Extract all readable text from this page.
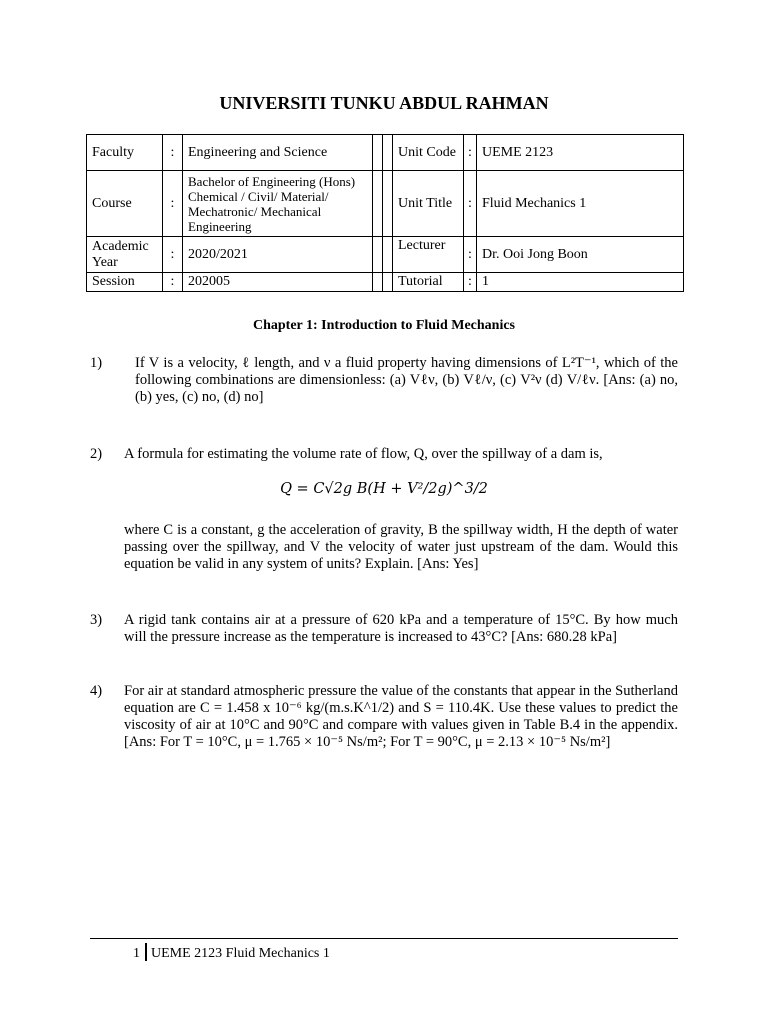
UNIVERSITI TUNKU ABDUL RAHMAN
Faculty	:	Engineering and Science			Unit Code	:	UEME 2123
Course	:	Bachelor of Engineering (Hons) Chemical / Civil/ Material/ Mechatronic/ Mechanical Engineering			Unit Title	:	Fluid Mechanics 1
Academic Year	:	2020/2021			Lecturer	:	Dr. Ooi Jong Boon
Session	:	202005			Tutorial	:	1
Chapter 1: Introduction to Fluid Mechanics
1) If V is a velocity, ℓ length, and ν a fluid property having dimensions of L²T⁻¹, which of the following combinations are dimensionless: (a) Vℓν, (b) Vℓ/ν, (c) V²ν (d) V/ℓν. [Ans: (a) no, (b) yes, (c) no, (d) no]
2) A formula for estimating the volume rate of flow, Q, over the spillway of a dam is,
Q = C√2g B(H + V²/2g)^3/2
where C is a constant, g the acceleration of gravity, B the spillway width, H the depth of water passing over the spillway, and V the velocity of water just upstream of the dam. Would this equation be valid in any system of units? Explain. [Ans: Yes]
3) A rigid tank contains air at a pressure of 620 kPa and a temperature of 15°C. By how much will the pressure increase as the temperature is increased to 43°C? [Ans: 680.28 kPa]
4) For air at standard atmospheric pressure the value of the constants that appear in the Sutherland equation are C = 1.458 x 10⁻⁶ kg/(m.s.K^1/2) and S = 110.4K. Use these values to predict the viscosity of air at 10°C and 90°C and compare with values given in Table B.4 in the appendix. [Ans: For T = 10°C, μ = 1.765 × 10⁻⁵ Ns/m²; For T = 90°C, μ = 2.13 × 10⁻⁵ Ns/m²]
1 UEME 2123 Fluid Mechanics 1
